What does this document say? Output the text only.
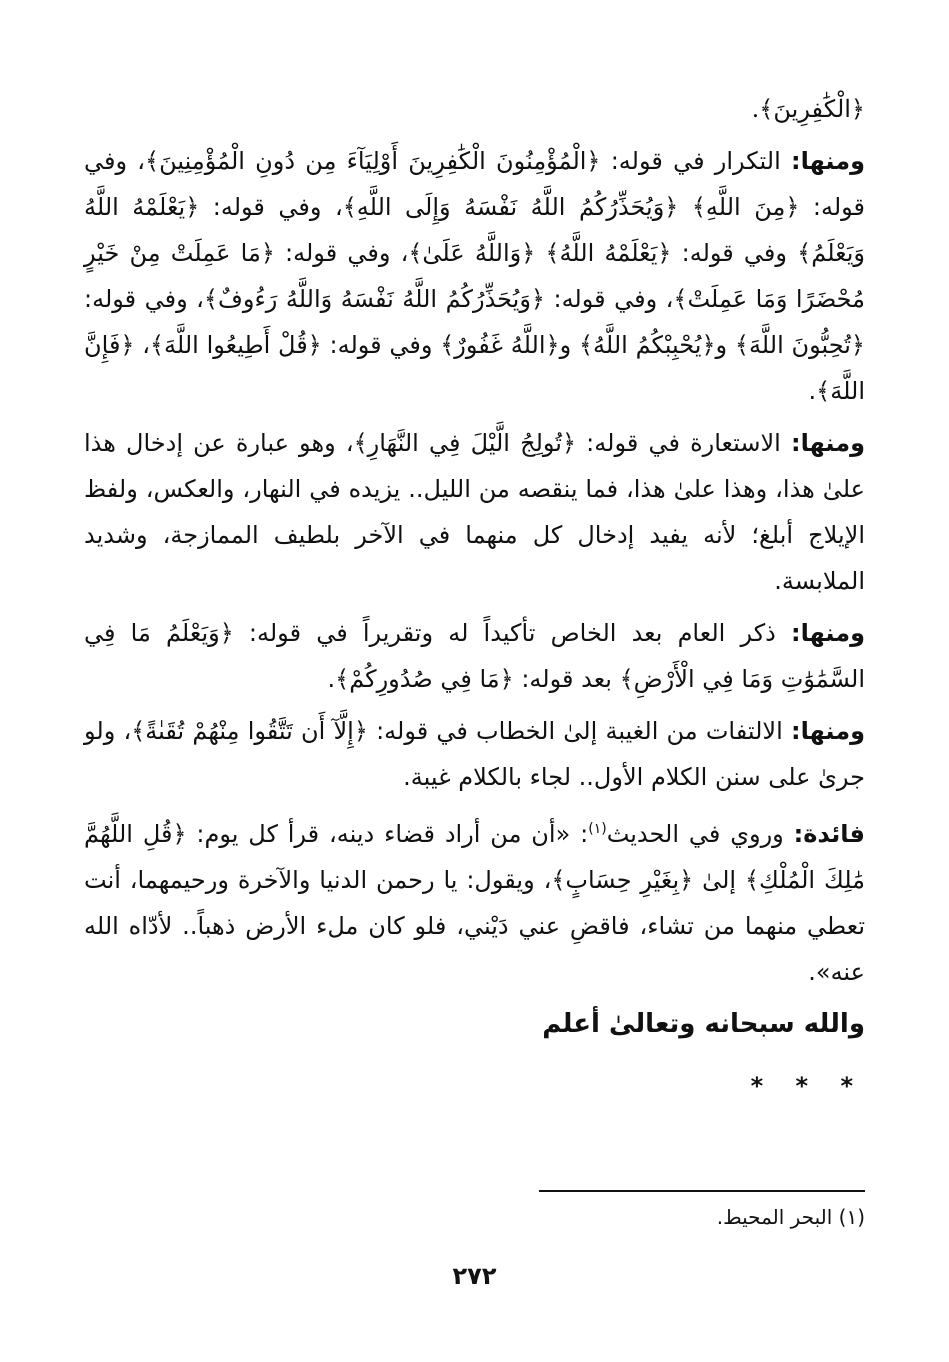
﴿الْكَٰفِرِينَ﴾.

ومنها: التكرار في قوله: ﴿الْمُؤْمِنُونَ الْكَٰفِرِينَ أَوْلِيَآءَ مِن دُونِ الْمُؤْمِنِينَ﴾، وفي قوله: ﴿مِنَ اللَّهِ﴾ ﴿وَيُحَذِّرُكُمُ اللَّهُ نَفْسَهُ وَإِلَى اللَّهِ﴾، وفي قوله: ﴿يَعْلَمْهُ اللَّهُ وَيَعْلَمُ﴾ وفي قوله: ﴿يَعْلَمْهُ اللَّهُ﴾ ﴿وَاللَّهُ عَلَىٰ﴾، وفي قوله: ﴿مَا عَمِلَتْ مِنْ خَيْرٍ مُحْضَرًا وَمَا عَمِلَتْ﴾، وفي قوله: ﴿وَيُحَذِّرُكُمُ اللَّهُ نَفْسَهُ وَاللَّهُ رَءُوفٌ﴾، وفي قوله: ﴿تُحِبُّونَ اللَّهَ﴾ و﴿يُحْبِبْكُمُ اللَّهُ﴾ و﴿اللَّهُ غَفُورٌ﴾ وفي قوله: ﴿قُلْ أَطِيعُوا اللَّهَ﴾، ﴿فَإِنَّ اللَّهَ﴾.

ومنها: الاستعارة في قوله: ﴿تُولِجُ الَّيْلَ فِي النَّهَارِ﴾، وهو عبارة عن إدخال هذا علىٰ هذا، وهذا علىٰ هذا، فما ينقصه من الليل.. يزيده في النهار، والعكس، ولفظ الإيلاج أبلغ؛ لأنه يفيد إدخال كل منهما في الآخر بلطيف الممازجة، وشديد الملابسة.

ومنها: ذكر العام بعد الخاص تأكيداً له وتقريراً في قوله: ﴿وَيَعْلَمُ مَا فِي السَّمَٰوَٰتِ وَمَا فِي الْأَرْضِ﴾ بعد قوله: ﴿مَا فِي صُدُورِكُمْ﴾.

ومنها: الالتفات من الغيبة إلىٰ الخطاب في قوله: ﴿إِلَّآ أَن تَتَّقُوا مِنْهُمْ تُقَىٰةً﴾، ولو جرىٰ على سنن الكلام الأول.. لجاء بالكلام غيبة.

فائدة: وروي في الحديث$^{(١)}$: «أن من أراد قضاء دينه، قرأ كل يوم: ﴿قُلِ اللَّهُمَّ مَٰلِكَ الْمُلْكِ﴾ إلىٰ ﴿بِغَيْرِ حِسَابٍ﴾، ويقول: يا رحمن الدنيا والآخرة ورحيمهما، أنت تعطي منهما من تشاء، فاقضِ عني دَيْني، فلو كان ملء الأرض ذهباً.. لأدّاه الله عنه».

والله سبحانه وتعالىٰ أعلم
* * *
(١) البحر المحيط.
٢٧٢
